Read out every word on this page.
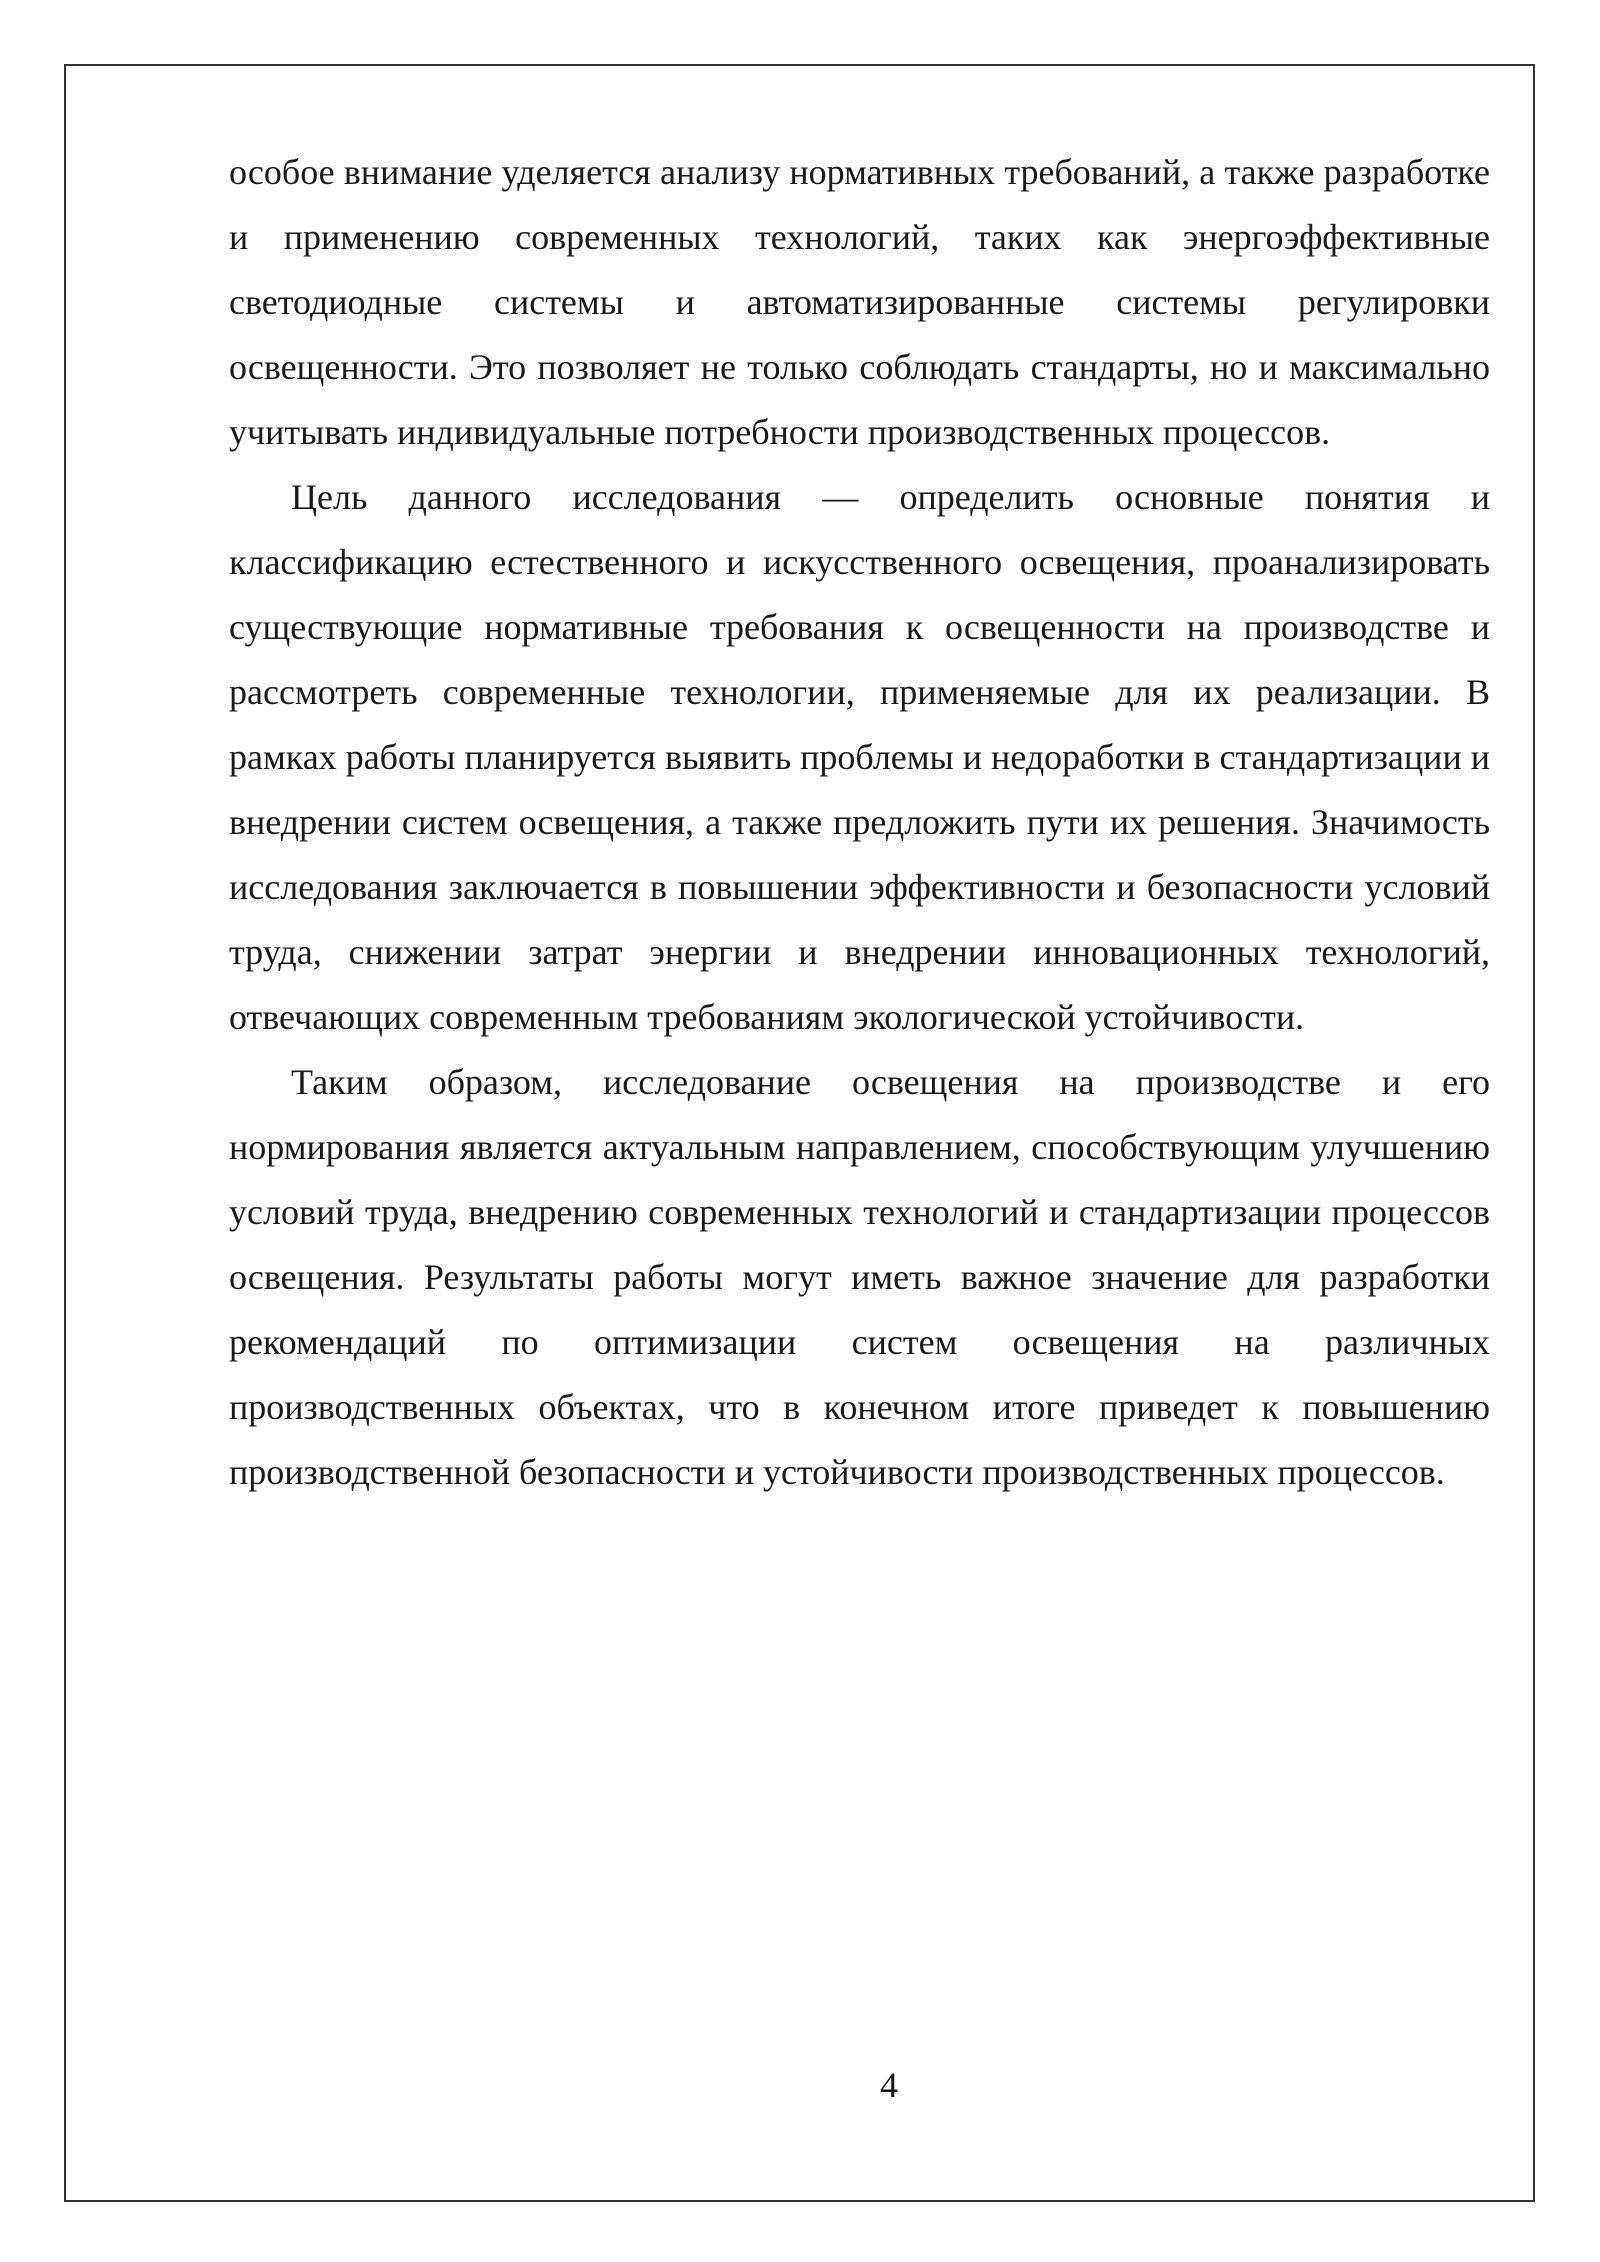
особое внимание уделяется анализу нормативных требований, а также разработке и применению современных технологий, таких как энергоэффективные светодиодные системы и автоматизированные системы регулировки освещенности. Это позволяет не только соблюдать стандарты, но и максимально учитывать индивидуальные потребности производственных процессов.

Цель данного исследования — определить основные понятия и классификацию естественного и искусственного освещения, проанализировать существующие нормативные требования к освещенности на производстве и рассмотреть современные технологии, применяемые для их реализации. В рамках работы планируется выявить проблемы и недоработки в стандартизации и внедрении систем освещения, а также предложить пути их решения. Значимость исследования заключается в повышении эффективности и безопасности условий труда, снижении затрат энергии и внедрении инновационных технологий, отвечающих современным требованиям экологической устойчивости.

Таким образом, исследование освещения на производстве и его нормирования является актуальным направлением, способствующим улучшению условий труда, внедрению современных технологий и стандартизации процессов освещения. Результаты работы могут иметь важное значение для разработки рекомендаций по оптимизации систем освещения на различных производственных объектах, что в конечном итоге приведет к повышению производственной безопасности и устойчивости производственных процессов.

4
